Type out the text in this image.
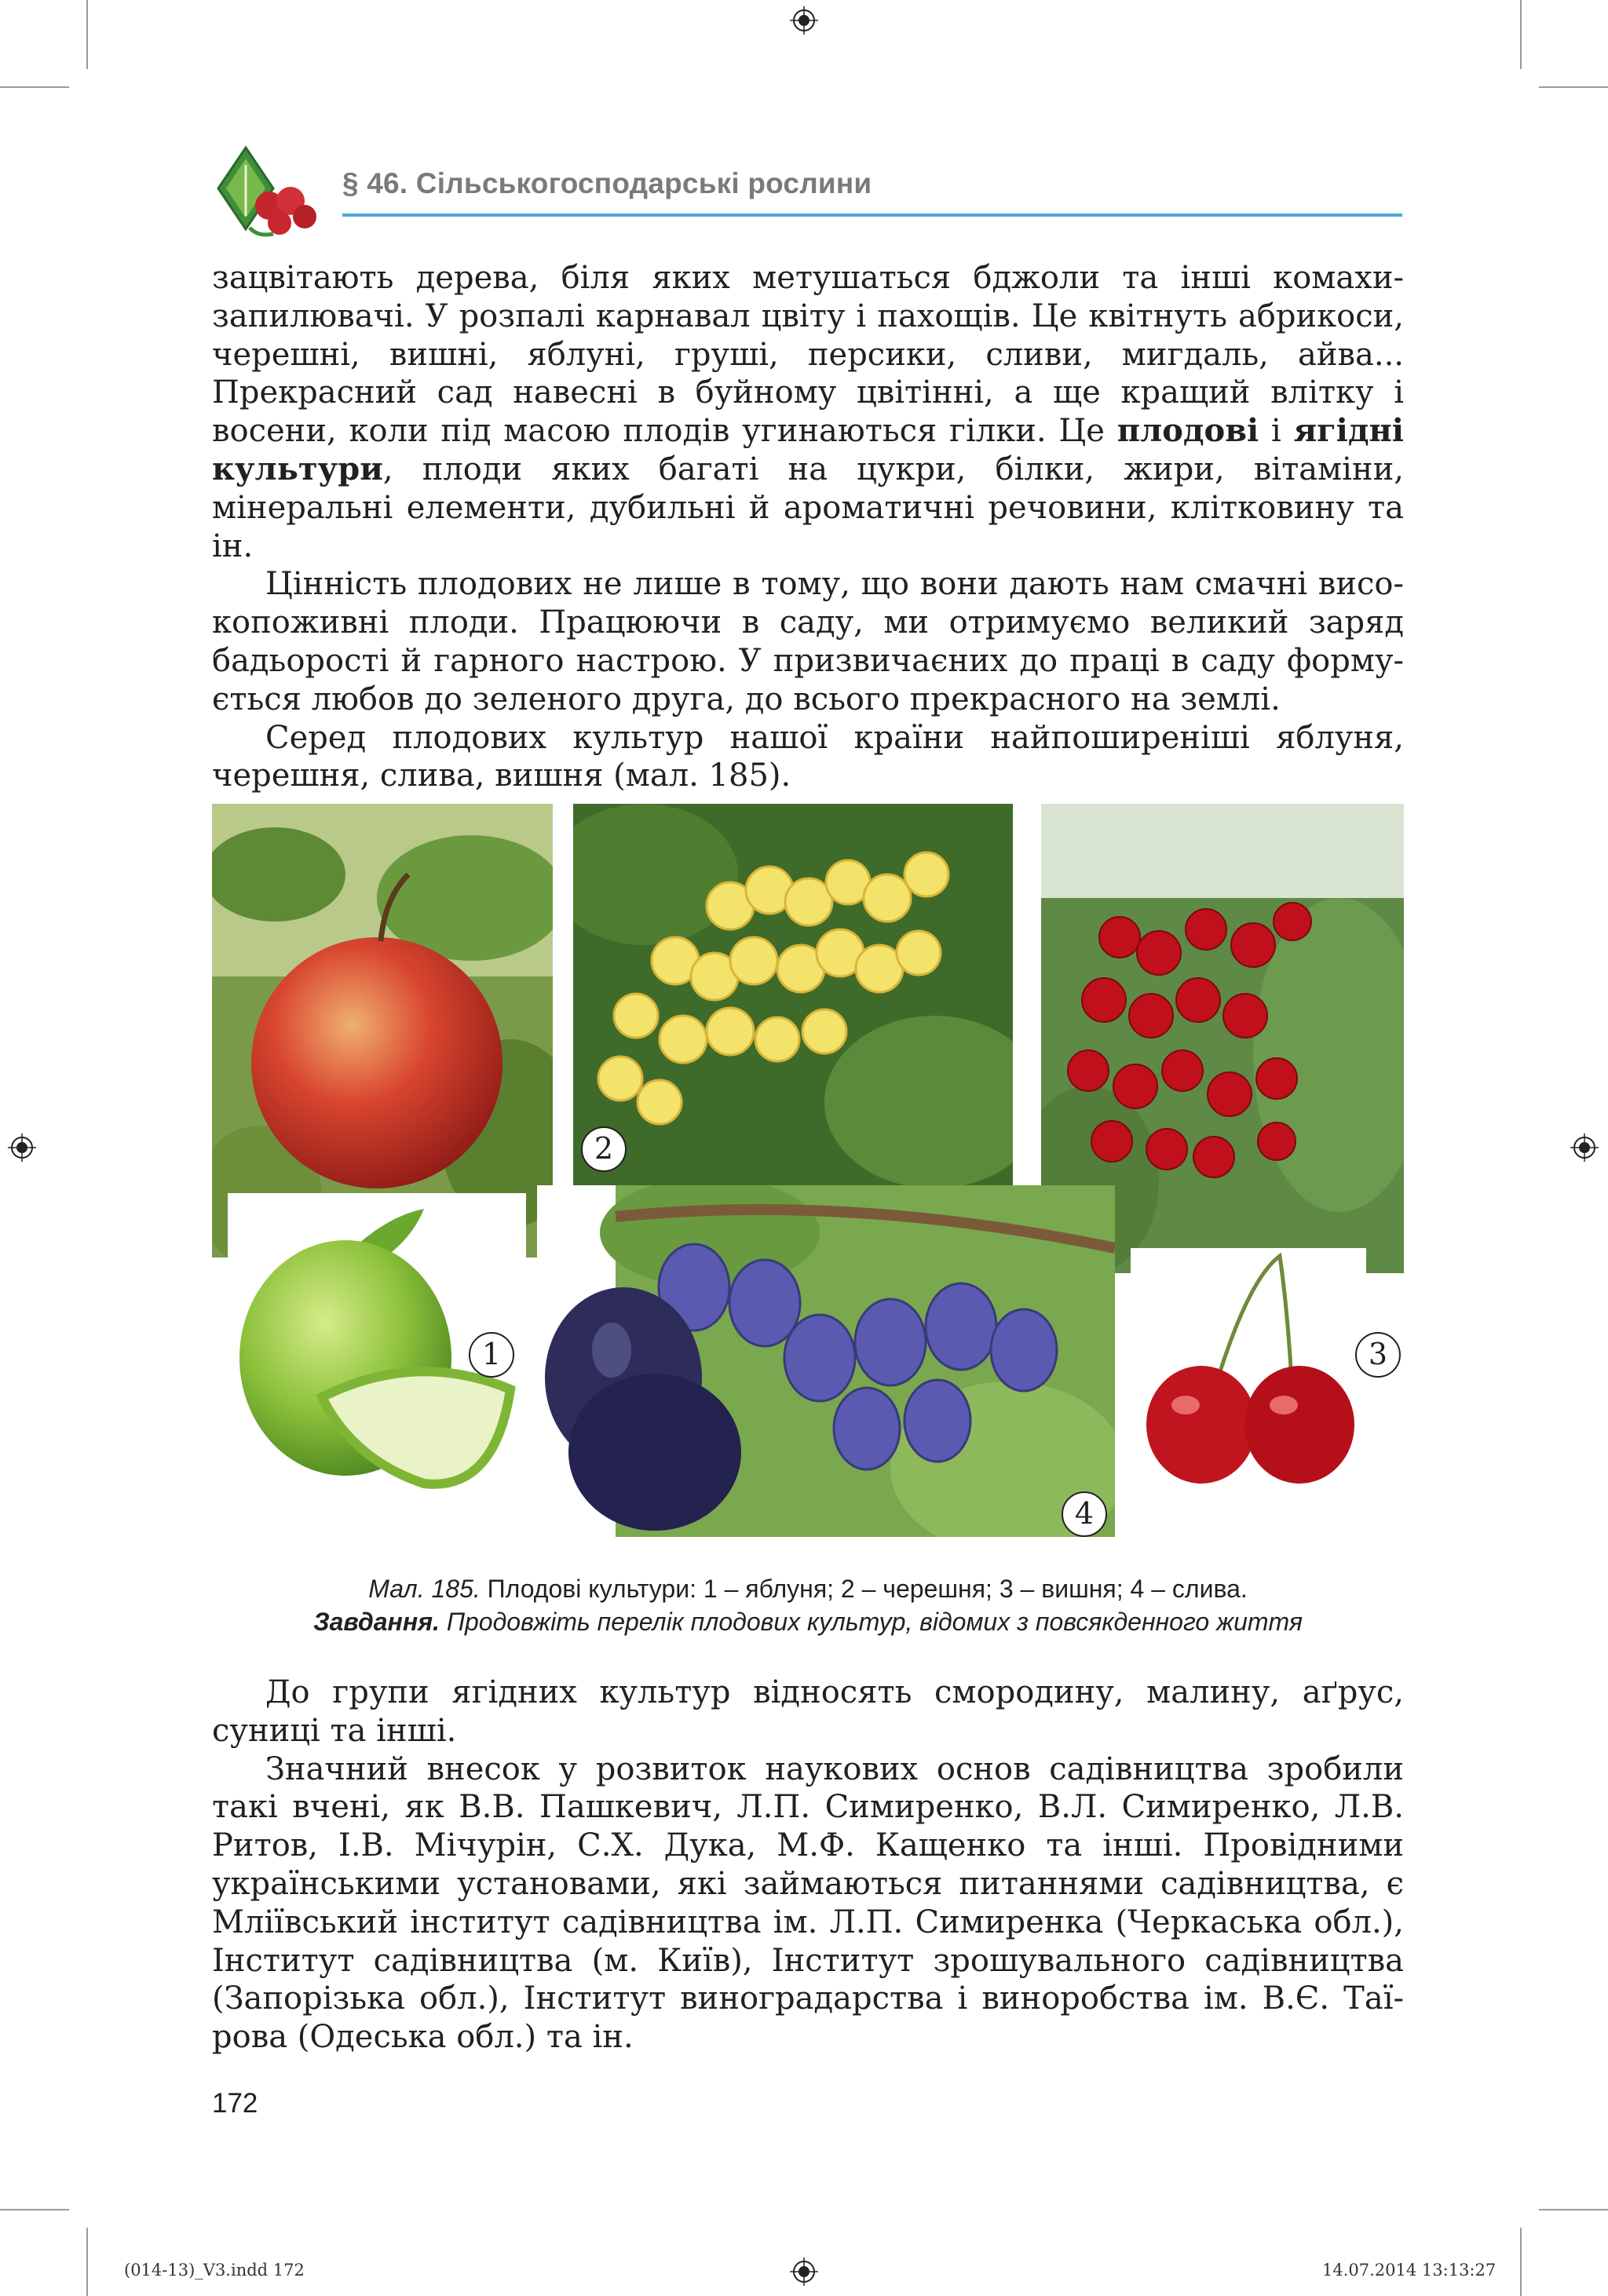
§ 46. Сільськогосподарські рослини

зацвітають дерева, біля яких метушаться бджоли та інші комахи-запилювачі. У розпалі карнавал цвіту і пахощів. Це квітнуть абрикоси, черешні, вишні, яблуні, груші, персики, сливи, мигдаль, айва... Прекрасний сад навесні в буйному цвітінні, а ще кращий влітку і восени, коли під масою плодів угинаються гілки. Це плодові і ягідні культури, плоди яких багаті на цукри, білки, жири, вітаміни, мінеральні елементи, дубильні й ароматичні речовини, клітковину та ін.

Цінність плодових не лише в тому, що вони дають нам смачні високопоживні плоди. Працюючи в саду, ми отримуємо великий заряд бадьорості й гарного настрою. У призвичаєних до праці в саду формується любов до зеленого друга, до всього прекрасного на землі.

Серед плодових культур нашої країни найпоширеніші яблуня, черешня, слива, вишня (мал. 185).

1
2
3
4
Мал. 185. Плодові культури: 1 – яблуня; 2 – черешня; 3 – вишня; 4 – слива.
Завдання. Продовжіть перелік плодових культур, відомих з повсякденного життя

До групи ягідних культур відносять смородину, малину, аґрус, суниці та інші.

Значний внесок у розвиток наукових основ садівництва зробили такі вчені, як В.В. Пашкевич, Л.П. Симиренко, В.Л. Симиренко, Л.В. Ритов, І.В. Мічурін, С.Х. Дука, М.Ф. Кащенко та інші. Провідними українськими установами, які займаються питаннями садівництва, є Мліївський інститут садівництва ім. Л.П. Симиренка (Черкаська обл.), Інститут садівництва (м. Київ), Інститут зрошувального садівництва (Запорізька обл.), Інститут виноградарства і виноробства ім. В.Є. Таїрова (Одеська обл.) та ін.

172
(014-13)_V3.indd 172	14.07.2014 13:13:27
